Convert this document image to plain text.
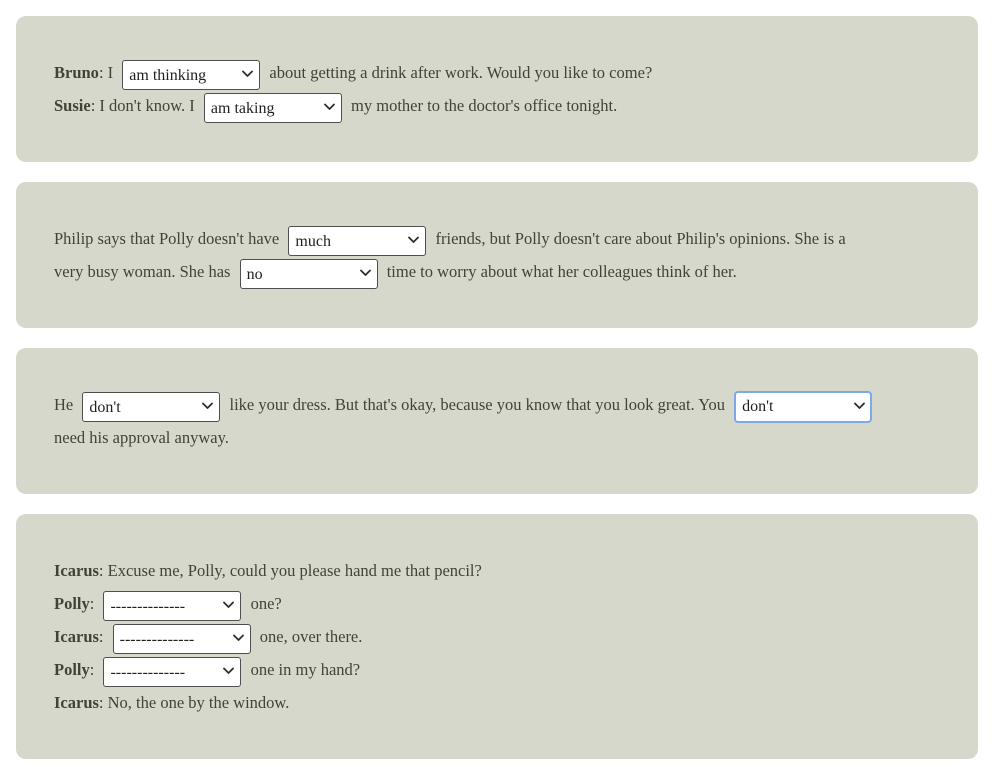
Bruno: I
am thinking	about getting a drink after work. Would you like to come?
Susie: I don't know. I
am taking	my mother to the doctor's office tonight.
Philip says that Polly doesn't have
much	friends, but Polly doesn't care about Philip's opinions. She is a
very busy woman. She has
no	time to worry about what her colleagues think of her.
He
don't	like your dress. But that's okay, because you know that you look great. You
don't
need his approval anyway.
Icarus: Excuse me, Polly, could you please hand me that pencil?
Polly:
--------------	one?
Icarus:
--------------	one, over there.
Polly:
--------------	one in my hand?
Icarus: No, the one by the window.
